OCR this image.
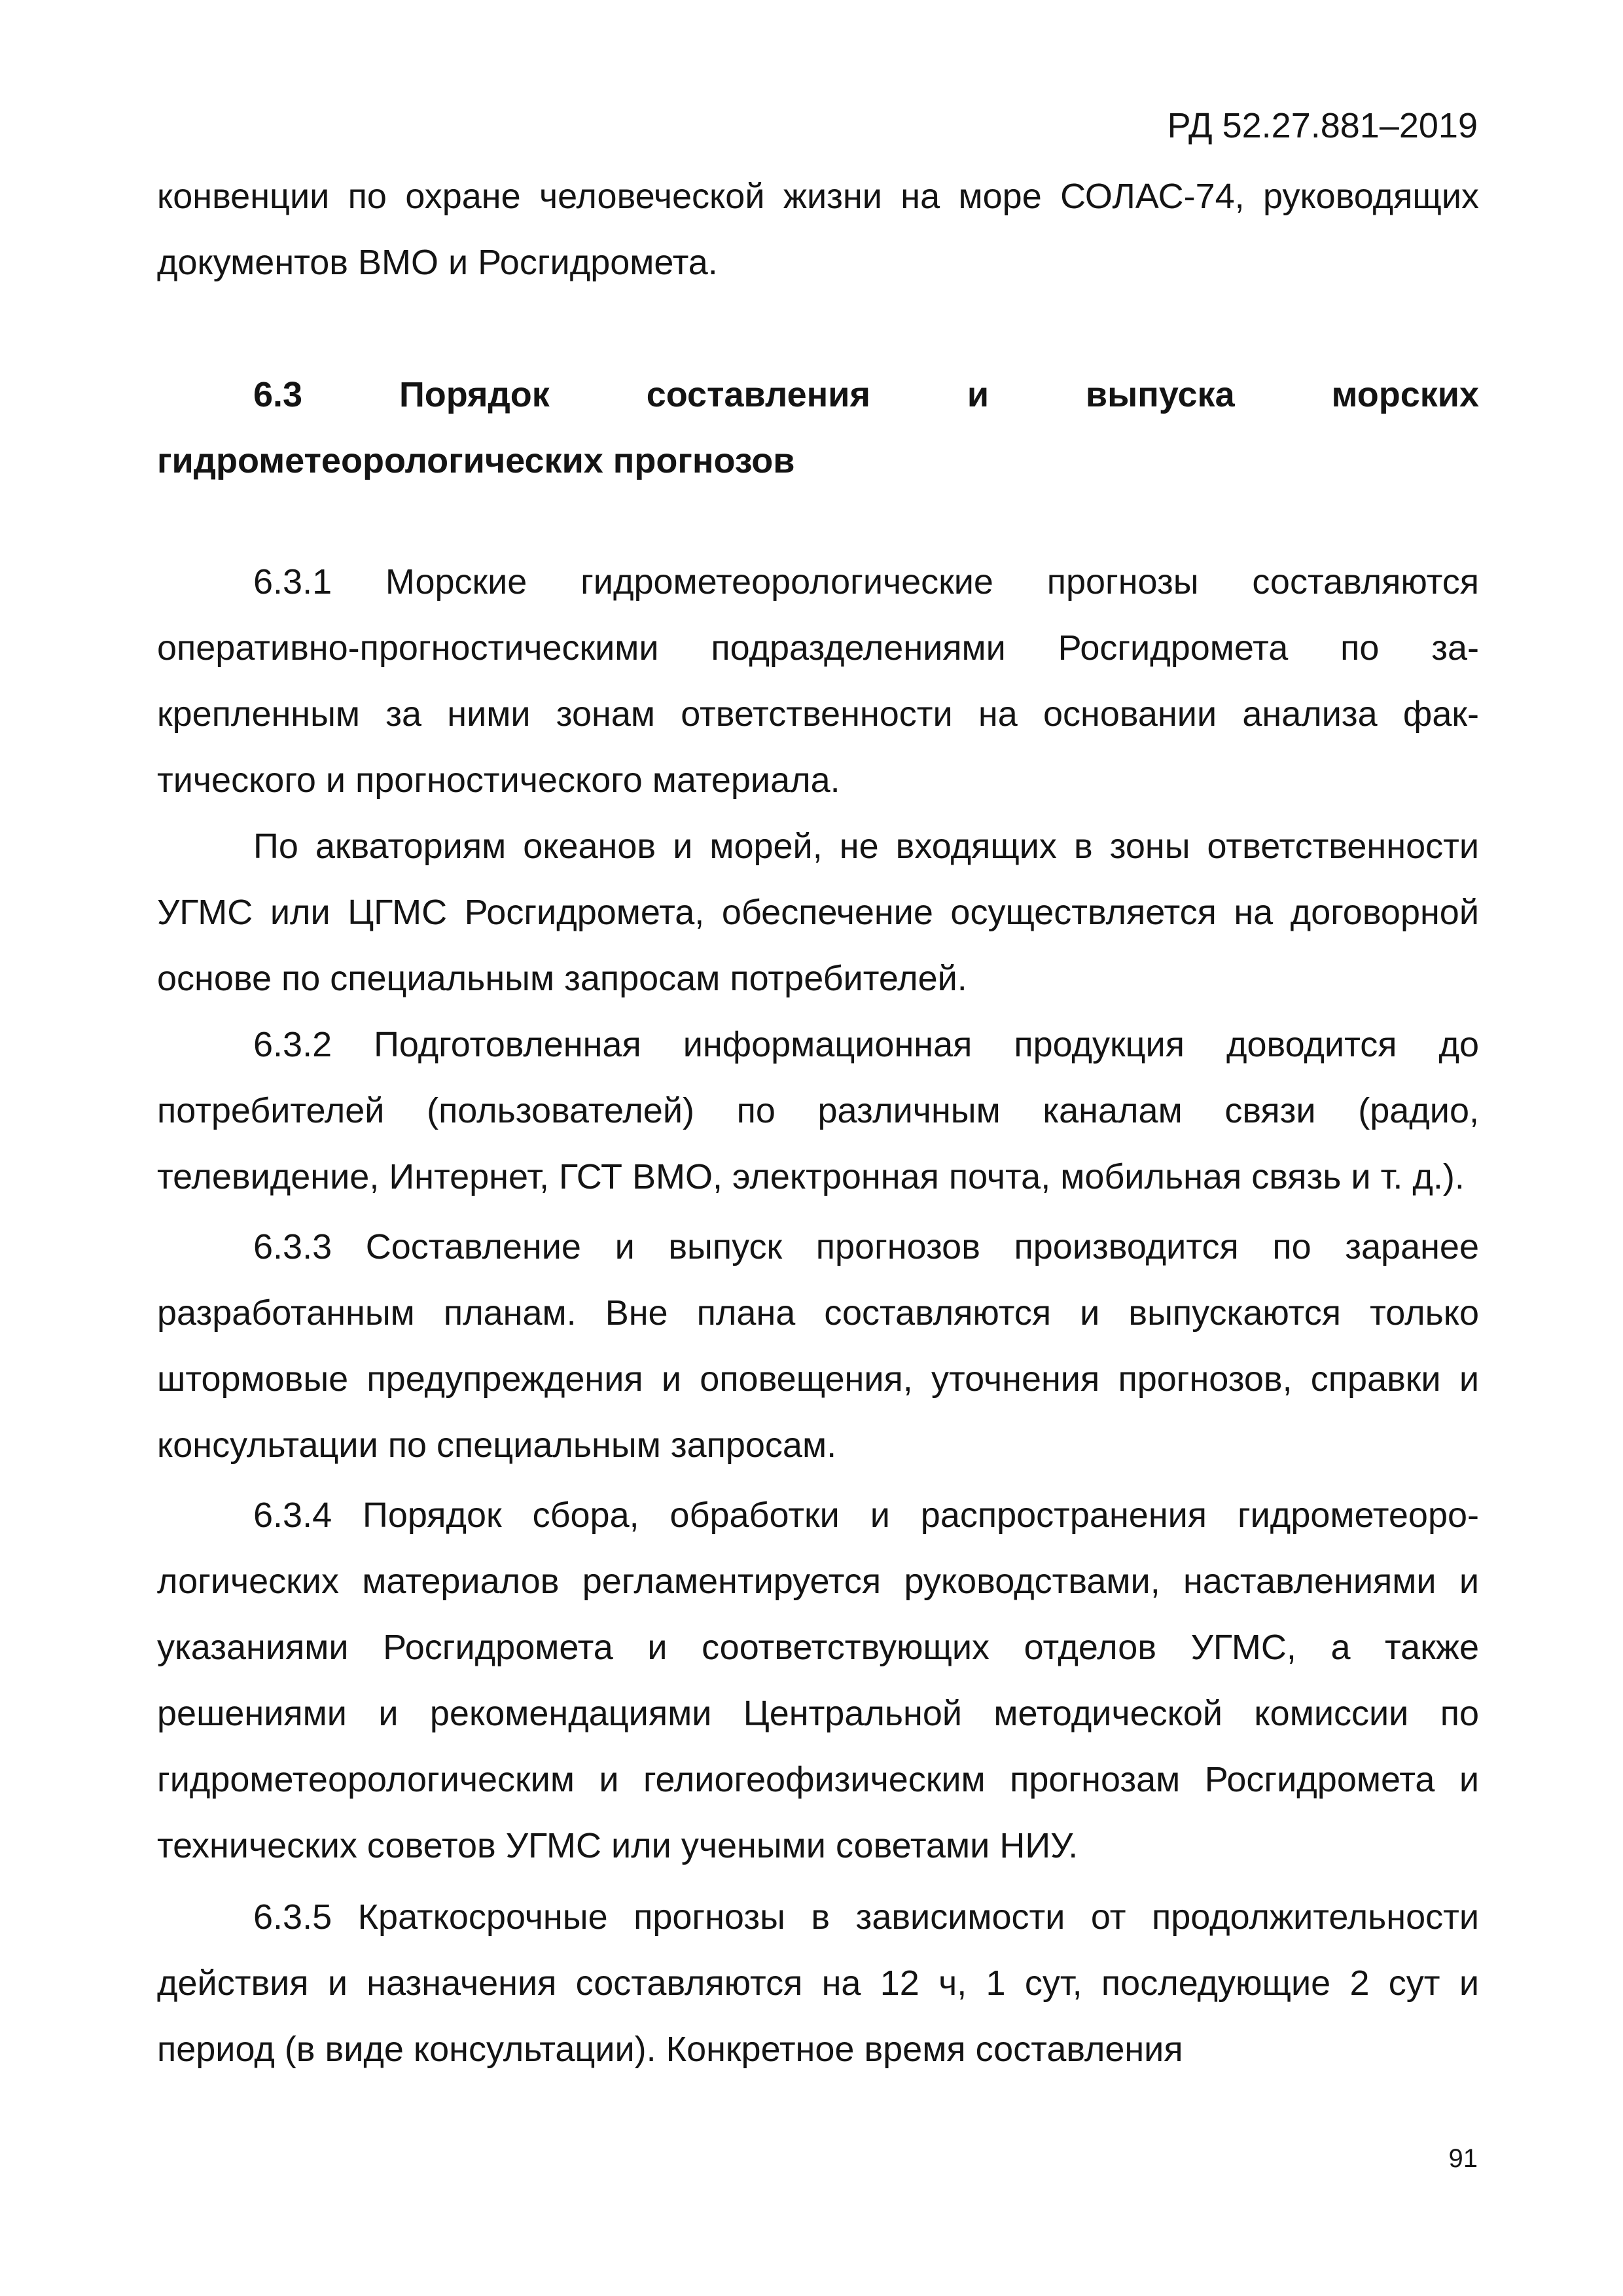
РД 52.27.881–2019

конвенции по охране человеческой жизни на море СОЛАС-74, руководящих документов ВМО и Росгидромета.

6.3	Порядок	составления	и	выпуска	морских
гидрометеорологических прогнозов

6.3.1 Морские гидрометеорологические прогнозы составляются оперативно-прогностическими подразделениями Росгидромета по закрепленным за ними зонам ответственности на основании анализа фактического и прогностического материала.

По акваториям океанов и морей, не входящих в зоны ответственности УГМС или ЦГМС Росгидромета, обеспечение осуществляется на договорной основе по специальным запросам потребителей.

6.3.2 Подготовленная информационная продукция доводится до потребителей (пользователей) по различным каналам связи (радио, телевидение, Интернет, ГСТ ВМО, электронная почта, мобильная связь и т. д.).

6.3.3 Составление и выпуск прогнозов производится по заранее разработанным планам. Вне плана составляются и выпускаются только штормовые предупреждения и оповещения, уточнения прогнозов, справки и консультации по специальным запросам.

6.3.4 Порядок сбора, обработки и распространения гидрометеорологических материалов регламентируется руководствами, наставлениями и указаниями Росгидромета и соответствующих отделов УГМС, а также решениями и рекомендациями Центральной методической комиссии по гидрометеорологическим и гелиогеофизическим прогнозам Росгидромета и технических советов УГМС или учеными советами НИУ.

6.3.5 Краткосрочные прогнозы в зависимости от продолжительности действия и назначения составляются на 12 ч, 1 сут, последующие 2 сут и период (в виде консультации). Конкретное время составления

91
